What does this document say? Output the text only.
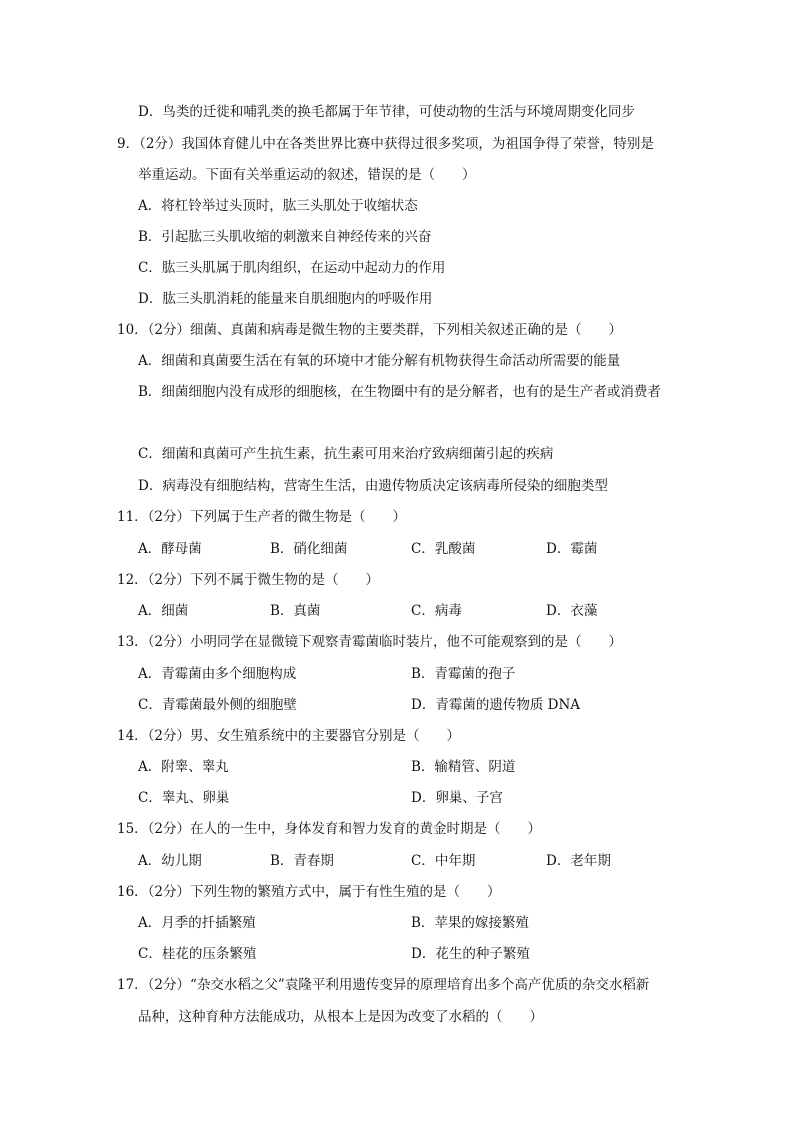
D．鸟类的迁徙和哺乳类的换毛都属于年节律，可使动物的生活与环境周期变化同步
9．（2分）我国体育健儿中在各类世界比赛中获得过很多奖项，为祖国争得了荣誉，特别是
举重运动。下面有关举重运动的叙述，错误的是（　　）
A．将杠铃举过头顶时，肱三头肌处于收缩状态
B．引起肱三头肌收缩的刺激来自神经传来的兴奋
C．肱三头肌属于肌肉组织，在运动中起动力的作用
D．肱三头肌消耗的能量来自肌细胞内的呼吸作用
10．（2分）细菌、真菌和病毒是微生物的主要类群，下列相关叙述正确的是（　　）
A．细菌和真菌要生活在有氧的环境中才能分解有机物获得生命活动所需要的能量
B．细菌细胞内没有成形的细胞核，在生物圈中有的是分解者，也有的是生产者或消费者
C．细菌和真菌可产生抗生素，抗生素可用来治疗致病细菌引起的疾病
D．病毒没有细胞结构，营寄生生活，由遗传物质决定该病毒所侵染的细胞类型
11．（2分）下列属于生产者的微生物是（　　）
A．酵母菌	B．硝化细菌	C．乳酸菌	D．霉菌
12．（2分）下列不属于微生物的是（　　）
A．细菌	B．真菌	C．病毒	D．衣藻
13．（2分）小明同学在显微镜下观察青霉菌临时装片，他不可能观察到的是（　　）
A．青霉菌由多个细胞构成	B．青霉菌的孢子
C．青霉菌最外侧的细胞壁	D．青霉菌的遗传物质 DNA
14．（2分）男、女生殖系统中的主要器官分别是（　　）
A．附睾、睾丸	B．输精管、阴道
C．睾丸、卵巢	D．卵巢、子宫
15．（2分）在人的一生中，身体发育和智力发育的黄金时期是（　　）
A．幼儿期	B．青春期	C．中年期	D．老年期
16．（2分）下列生物的繁殖方式中，属于有性生殖的是（　　）
A．月季的扦插繁殖	B．苹果的嫁接繁殖
C．桂花的压条繁殖	D．花生的种子繁殖
17．（2分）“杂交水稻之父”袁隆平利用遗传变异的原理培育出多个高产优质的杂交水稻新
品种，这种育种方法能成功，从根本上是因为改变了水稻的（　　）
